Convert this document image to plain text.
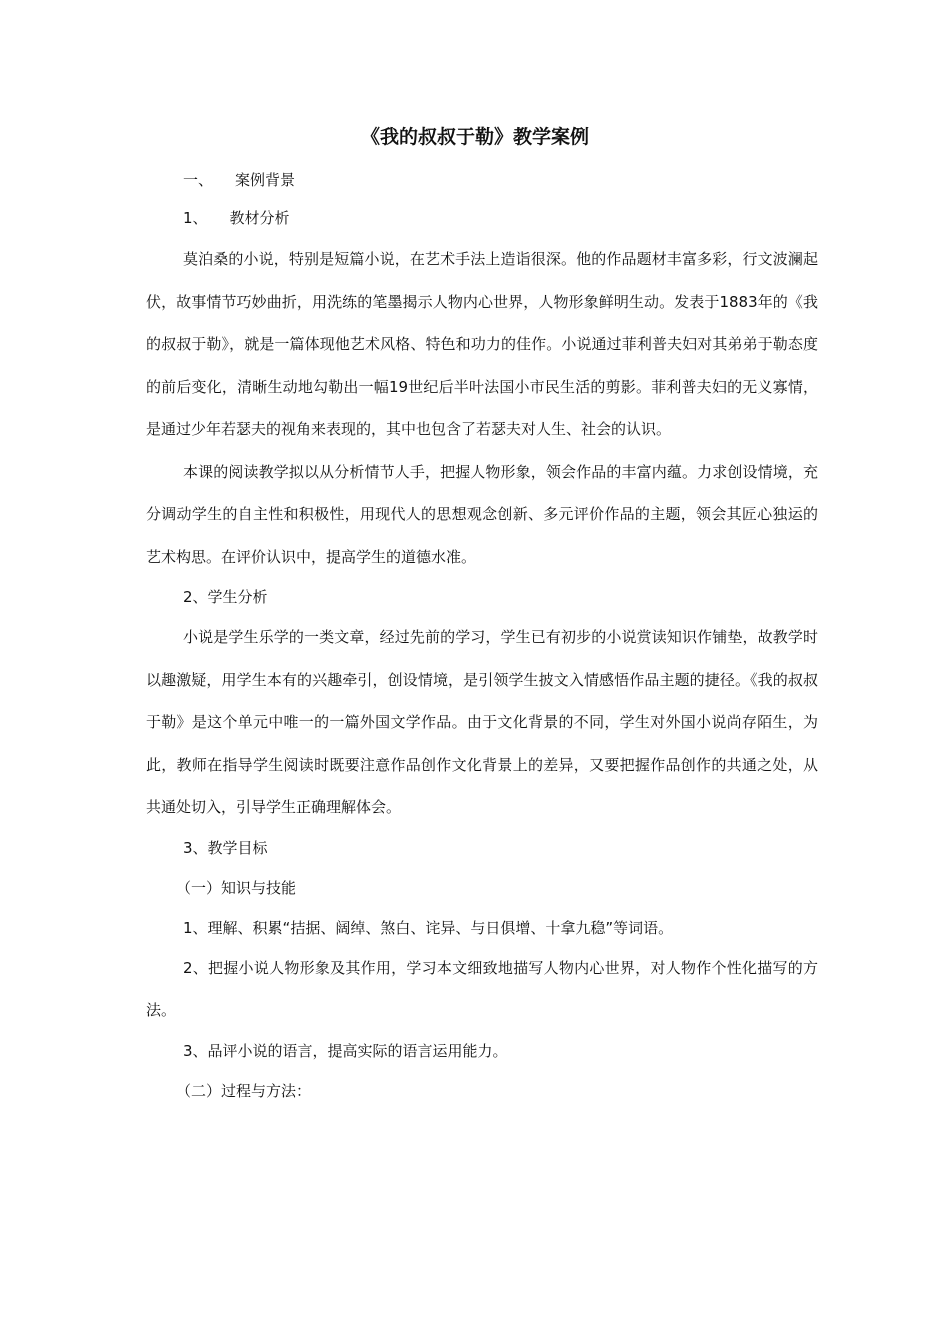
《我的叔叔于勒》教学案例
一、 案例背景
1、 教材分析

莫泊桑的小说，特别是短篇小说，在艺术手法上造诣很深。他的作品题材丰富多彩，行文波澜起伏，故事情节巧妙曲折，用洗练的笔墨揭示人物内心世界，人物形象鲜明生动。发表于1883年的《我的叔叔于勒》，就是一篇体现他艺术风格、特色和功力的佳作。小说通过菲利普夫妇对其弟弟于勒态度的前后变化，清晰生动地勾勒出一幅19世纪后半叶法国小市民生活的剪影。菲利普夫妇的无义寡情，是通过少年若瑟夫的视角来表现的，其中也包含了若瑟夫对人生、社会的认识。

本课的阅读教学拟以从分析情节人手，把握人物形象，领会作品的丰富内蕴。力求创设情境，充分调动学生的自主性和积极性，用现代人的思想观念创新、多元评价作品的主题，领会其匠心独运的艺术构思。在评价认识中，提高学生的道德水准。

2、学生分析

小说是学生乐学的一类文章，经过先前的学习，学生已有初步的小说赏读知识作铺垫，故教学时以趣激疑，用学生本有的兴趣牵引，创设情境，是引领学生披文入情感悟作品主题的捷径。《我的叔叔于勒》是这个单元中唯一的一篇外国文学作品。由于文化背景的不同，学生对外国小说尚存陌生，为此，教师在指导学生阅读时既要注意作品创作文化背景上的差异，又要把握作品创作的共通之处，从共通处切入，引导学生正确理解体会。

3、教学目标
（一）知识与技能
1、理解、积累“拮据、阔绰、煞白、诧异、与日俱增、十拿九稳”等词语。

2、把握小说人物形象及其作用，学习本文细致地描写人物内心世界，对人物作个性化描写的方法。

3、品评小说的语言，提高实际的语言运用能力。
（二）过程与方法：
